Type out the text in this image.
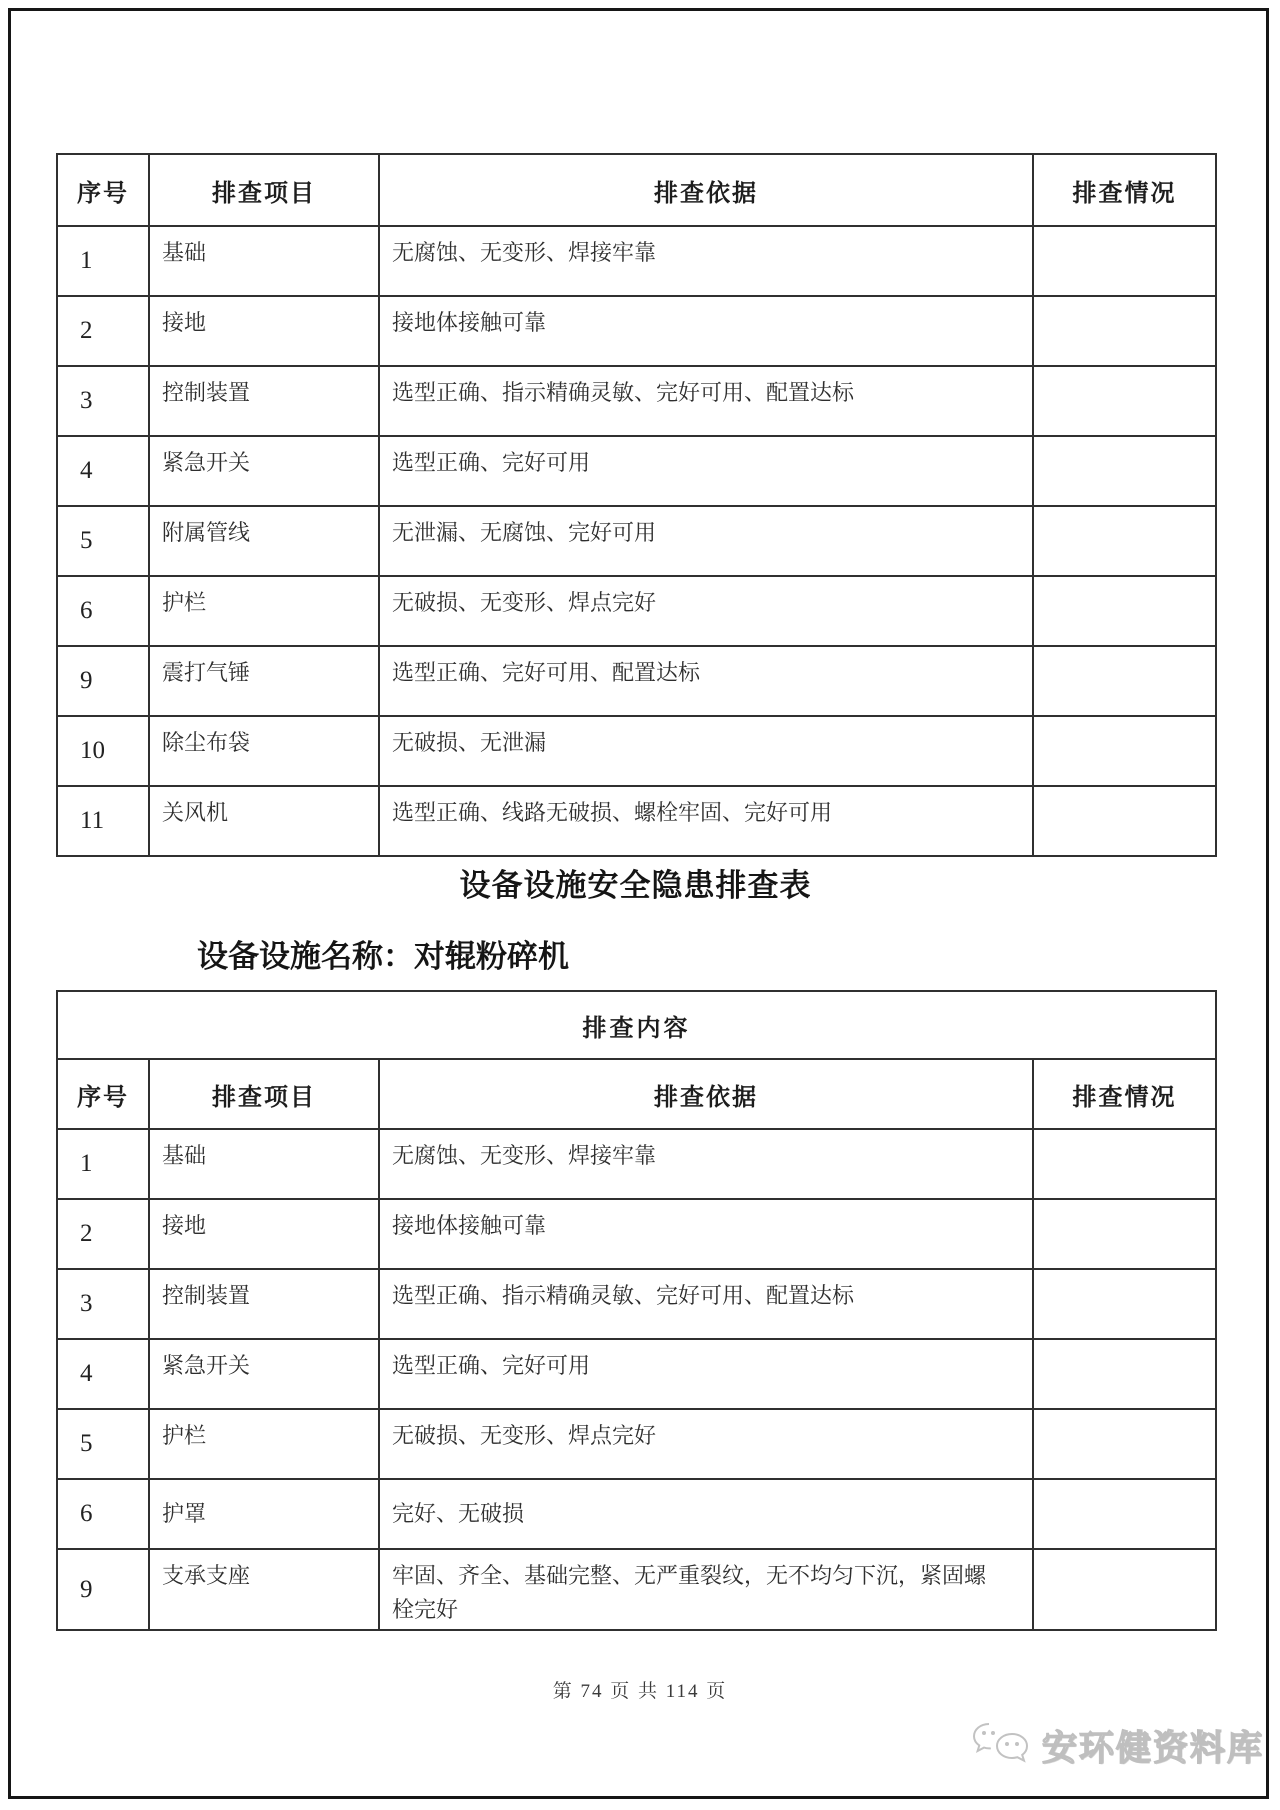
序号	排查项目	排查依据	排查情况
1	基础	无腐蚀、无变形、焊接牢靠	
2	接地	接地体接触可靠	
3	控制装置	选型正确、指示精确灵敏、完好可用、配置达标	
4	紧急开关	选型正确、完好可用	
5	附属管线	无泄漏、无腐蚀、完好可用	
6	护栏	无破损、无变形、焊点完好	
9	震打气锤	选型正确、完好可用、配置达标	
10	除尘布袋	无破损、无泄漏	
11	关风机	选型正确、线路无破损、螺栓牢固、完好可用	
设备设施安全隐患排查表
设备设施名称：对辊粉碎机
排查内容			
序号	排查项目	排查依据	排查情况
1	基础	无腐蚀、无变形、焊接牢靠	
2	接地	接地体接触可靠	
3	控制装置	选型正确、指示精确灵敏、完好可用、配置达标	
4	紧急开关	选型正确、完好可用	
5	护栏	无破损、无变形、焊点完好	
6	护罩	完好、无破损	
9	支承支座	牢固、齐全、基础完整、无严重裂纹，无不均匀下沉，紧固螺栓完好	
第 74 页 共 114 页
安环健资料库
